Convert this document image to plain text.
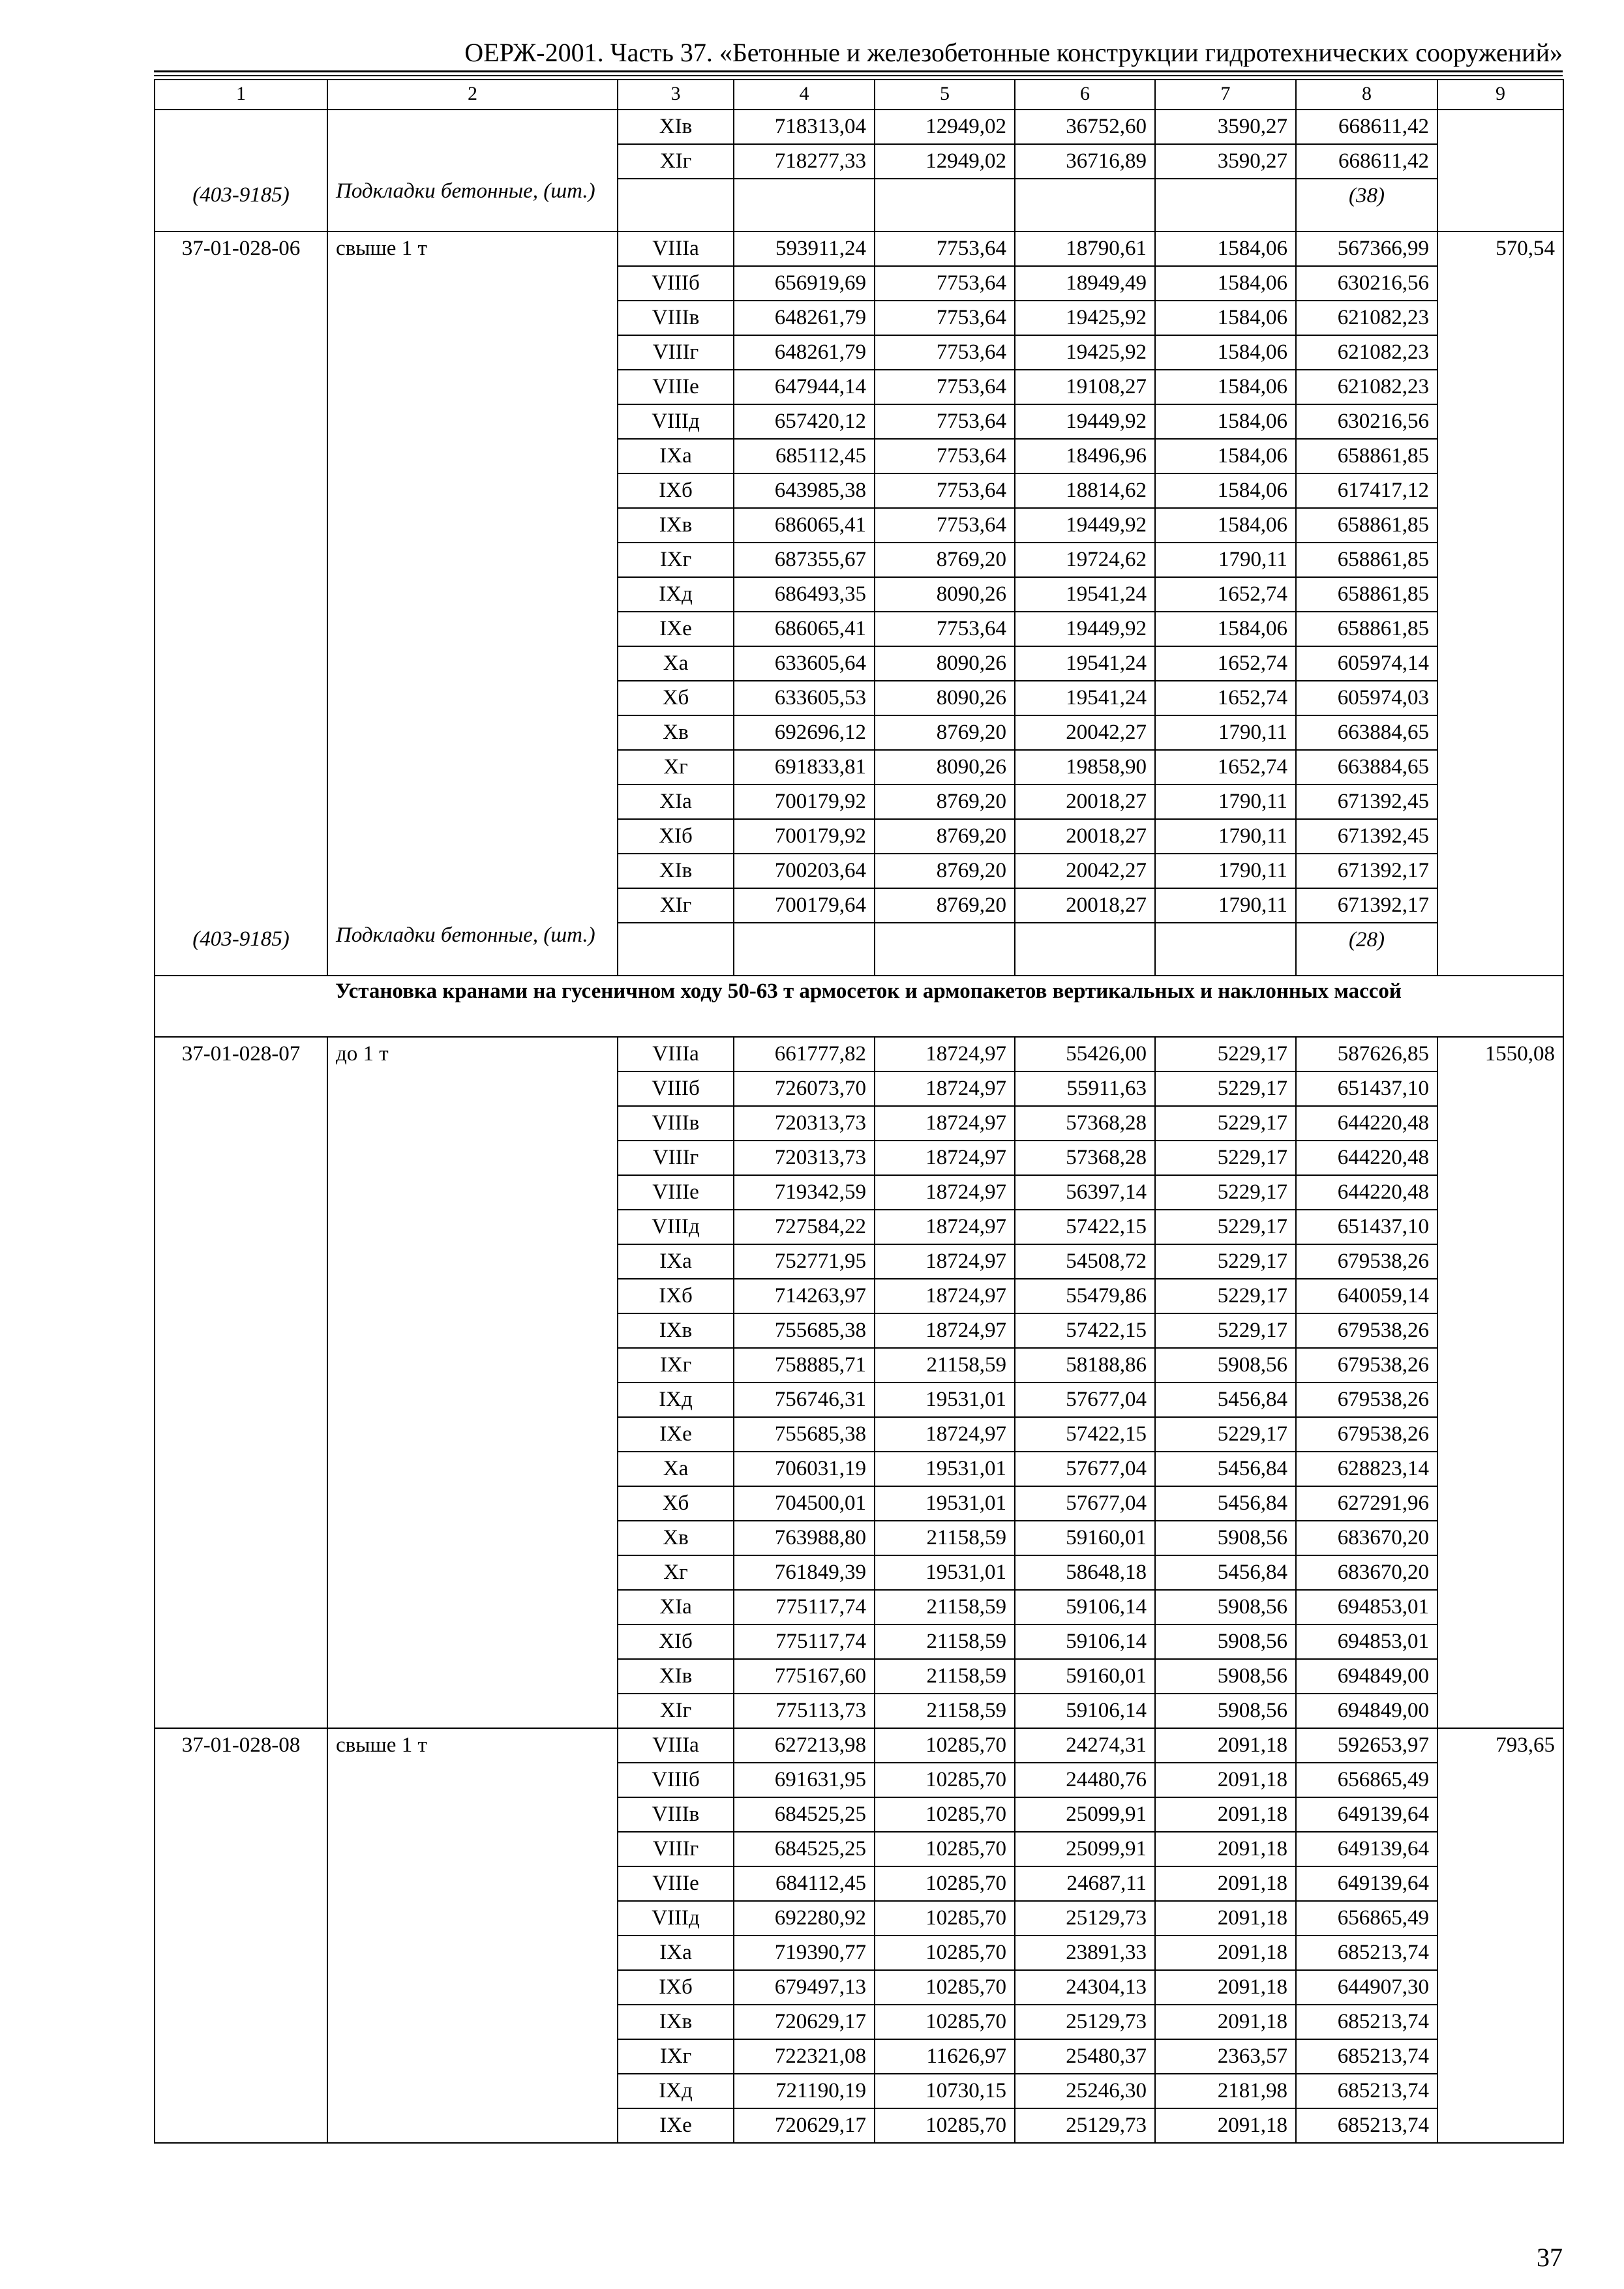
ОЕРЖ-2001. Часть 37. «Бетонные и железобетонные конструкции гидротехнических сооружений»
1	2	3	4	5	6	7	8	9
		XIв	718313,04	12949,02	36752,60	3590,27	668611,42	
		XIг	718277,33	12949,02	36716,89	3590,27	668611,42	
(403-9185)	Подкладки бетонные, (шт.)						(38)	
37-01-028-06	свыше 1 т	VIIIа	593911,24	7753,64	18790,61	1584,06	567366,99	570,54
		VIIIб	656919,69	7753,64	18949,49	1584,06	630216,56	
		VIIIв	648261,79	7753,64	19425,92	1584,06	621082,23	
		VIIIг	648261,79	7753,64	19425,92	1584,06	621082,23	
		VIIIе	647944,14	7753,64	19108,27	1584,06	621082,23	
		VIIIд	657420,12	7753,64	19449,92	1584,06	630216,56	
		IXа	685112,45	7753,64	18496,96	1584,06	658861,85	
		IXб	643985,38	7753,64	18814,62	1584,06	617417,12	
		IXв	686065,41	7753,64	19449,92	1584,06	658861,85	
		IXг	687355,67	8769,20	19724,62	1790,11	658861,85	
		IXд	686493,35	8090,26	19541,24	1652,74	658861,85	
		IXе	686065,41	7753,64	19449,92	1584,06	658861,85	
		Xа	633605,64	8090,26	19541,24	1652,74	605974,14	
		Xб	633605,53	8090,26	19541,24	1652,74	605974,03	
		Xв	692696,12	8769,20	20042,27	1790,11	663884,65	
		Xг	691833,81	8090,26	19858,90	1652,74	663884,65	
		XIа	700179,92	8769,20	20018,27	1790,11	671392,45	
		XIб	700179,92	8769,20	20018,27	1790,11	671392,45	
		XIв	700203,64	8769,20	20042,27	1790,11	671392,17	
		XIг	700179,64	8769,20	20018,27	1790,11	671392,17	
(403-9185)	Подкладки бетонные, (шт.)						(28)	
	Установка кранами на гусеничном ходу 50-63 т армосеток и армопакетов вертикальных и наклонных массой							
37-01-028-07	до 1 т	VIIIа	661777,82	18724,97	55426,00	5229,17	587626,85	1550,08
		VIIIб	726073,70	18724,97	55911,63	5229,17	651437,10	
		VIIIв	720313,73	18724,97	57368,28	5229,17	644220,48	
		VIIIг	720313,73	18724,97	57368,28	5229,17	644220,48	
		VIIIе	719342,59	18724,97	56397,14	5229,17	644220,48	
		VIIIд	727584,22	18724,97	57422,15	5229,17	651437,10	
		IXа	752771,95	18724,97	54508,72	5229,17	679538,26	
		IXб	714263,97	18724,97	55479,86	5229,17	640059,14	
		IXв	755685,38	18724,97	57422,15	5229,17	679538,26	
		IXг	758885,71	21158,59	58188,86	5908,56	679538,26	
		IXд	756746,31	19531,01	57677,04	5456,84	679538,26	
		IXе	755685,38	18724,97	57422,15	5229,17	679538,26	
		Xа	706031,19	19531,01	57677,04	5456,84	628823,14	
		Xб	704500,01	19531,01	57677,04	5456,84	627291,96	
		Xв	763988,80	21158,59	59160,01	5908,56	683670,20	
		Xг	761849,39	19531,01	58648,18	5456,84	683670,20	
		XIа	775117,74	21158,59	59106,14	5908,56	694853,01	
		XIб	775117,74	21158,59	59106,14	5908,56	694853,01	
		XIв	775167,60	21158,59	59160,01	5908,56	694849,00	
		XIг	775113,73	21158,59	59106,14	5908,56	694849,00	
37-01-028-08	свыше 1 т	VIIIа	627213,98	10285,70	24274,31	2091,18	592653,97	793,65
		VIIIб	691631,95	10285,70	24480,76	2091,18	656865,49	
		VIIIв	684525,25	10285,70	25099,91	2091,18	649139,64	
		VIIIг	684525,25	10285,70	25099,91	2091,18	649139,64	
		VIIIе	684112,45	10285,70	24687,11	2091,18	649139,64	
		VIIIд	692280,92	10285,70	25129,73	2091,18	656865,49	
		IXа	719390,77	10285,70	23891,33	2091,18	685213,74	
		IXб	679497,13	10285,70	24304,13	2091,18	644907,30	
		IXв	720629,17	10285,70	25129,73	2091,18	685213,74	
		IXг	722321,08	11626,97	25480,37	2363,57	685213,74	
		IXд	721190,19	10730,15	25246,30	2181,98	685213,74	
		IXе	720629,17	10285,70	25129,73	2091,18	685213,74	
37
